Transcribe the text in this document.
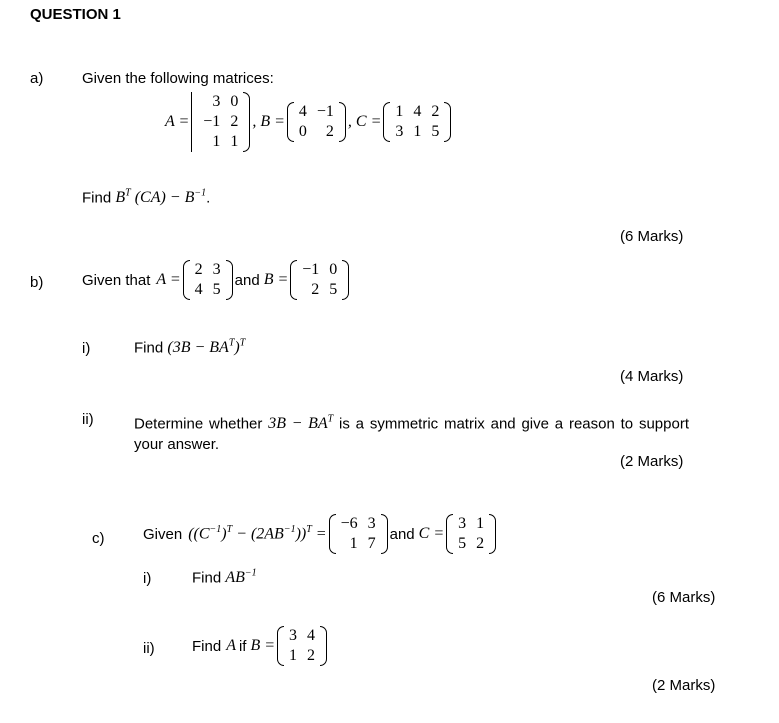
QUESTION 1
a)	Given the following matrices:
A =
3	0
−1	2
1	1
, B =
4	−1
0	2
, C =
1	4	2
3	1	5
Find $B^T$ $(CA) - B^{-1}$.
(6 Marks)
b)	Given that A =
2	3
4	5
and B =
−1	0
2	5
i)	Find $(3B - BA^T)^T$
(4 Marks)
ii)	Determine whether $3B - BA^T$ is a symmetric matrix and give a reason to support your answer.
(2 Marks)
c)	Given $((C^{-1})^T - (2AB^{-1}))^T$ =
−6	3
1	7
and C =
3	1
5	2
i)	Find $AB^{-1}$
(6 Marks)
ii) Find A if B =
3	4
1	2
(2 Marks)
